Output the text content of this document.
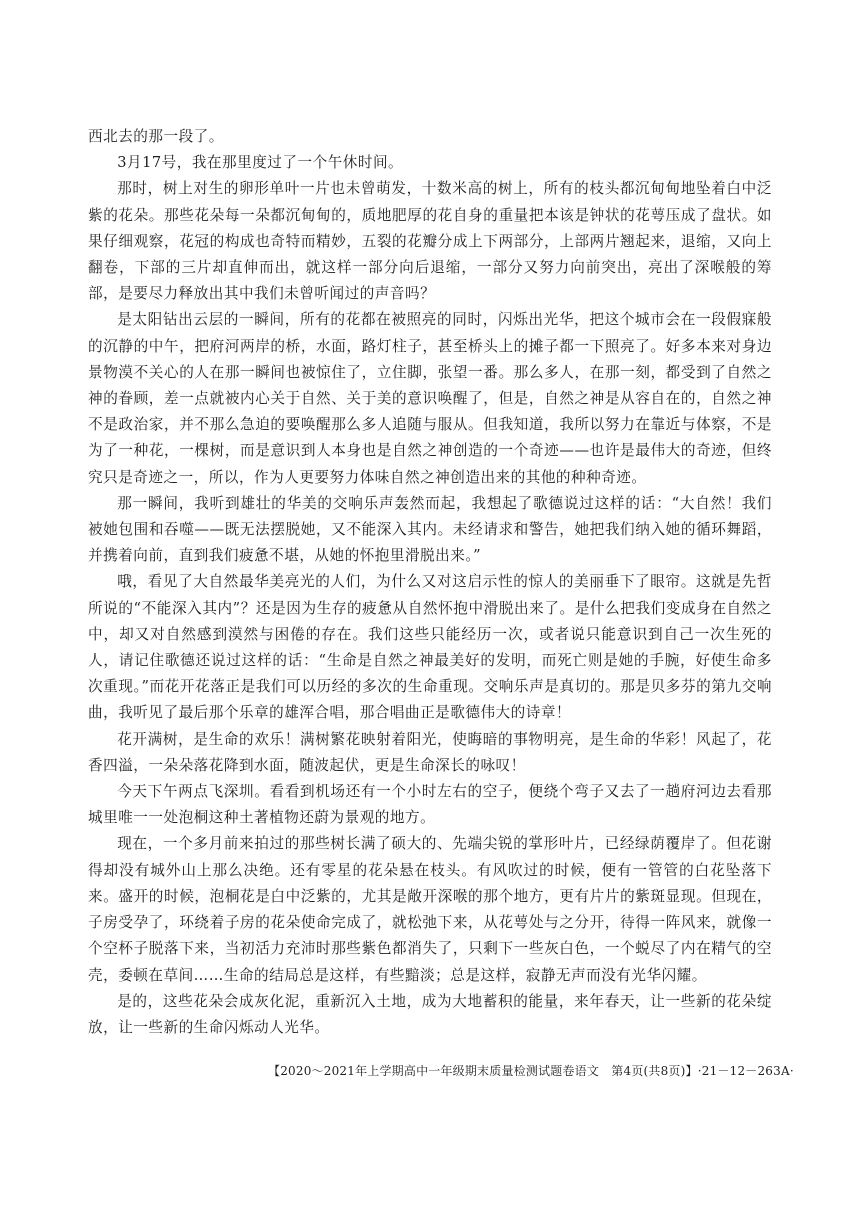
西北去的那一段了。

3月17号，我在那里度过了一个午休时间。

那时，树上对生的卵形单叶一片也未曾萌发，十数米高的树上，所有的枝头都沉甸甸地坠着白中泛紫的花朵。那些花朵每一朵都沉甸甸的，质地肥厚的花自身的重量把本该是钟状的花萼压成了盘状。如果仔细观察，花冠的构成也奇特而精妙，五裂的花瓣分成上下两部分，上部两片翘起来，退缩，又向上翻卷，下部的三片却直伸而出，就这样一部分向后退缩，一部分又努力向前突出，亮出了深喉般的筹部，是要尽力释放出其中我们未曾听闻过的声音吗？

是太阳钻出云层的一瞬间，所有的花都在被照亮的同时，闪烁出光华，把这个城市会在一段假寐般的沉静的中午，把府河两岸的桥，水面，路灯柱子，甚至桥头上的摊子都一下照亮了。好多本来对身边景物漠不关心的人在那一瞬间也被惊住了，立住脚，张望一番。那么多人，在那一刻，都受到了自然之神的眷顾，差一点就被内心关于自然、关于美的意识唤醒了，但是，自然之神是从容自在的，自然之神不是政治家，并不那么急迫的要唤醒那么多人追随与服从。但我知道，我所以努力在靠近与体察，不是为了一种花，一棵树，而是意识到人本身也是自然之神创造的一个奇迹——也许是最伟大的奇迹，但终究只是奇迹之一，所以，作为人更要努力体味自然之神创造出来的其他的种种奇迹。

那一瞬间，我听到雄壮的华美的交响乐声轰然而起，我想起了歌德说过这样的话：“大自然！我们被她包围和吞噬——既无法摆脱她，又不能深入其内。未经请求和警告，她把我们纳入她的循环舞蹈，并携着向前，直到我们疲惫不堪，从她的怀抱里滑脱出来。”

哦，看见了大自然最华美亮光的人们，为什么又对这启示性的惊人的美丽垂下了眼帘。这就是先哲所说的“不能深入其内”？还是因为生存的疲惫从自然怀抱中滑脱出来了。是什么把我们变成身在自然之中，却又对自然感到漠然与困倦的存在。我们这些只能经历一次，或者说只能意识到自己一次生死的人，请记住歌德还说过这样的话：“生命是自然之神最美好的发明，而死亡则是她的手腕，好使生命多次重现。”而花开花落正是我们可以历经的多次的生命重现。交响乐声是真切的。那是贝多芬的第九交响曲，我听见了最后那个乐章的雄浑合唱，那合唱曲正是歌德伟大的诗章！

花开满树，是生命的欢乐！满树繁花映射着阳光，使晦暗的事物明亮，是生命的华彩！风起了，花香四溢，一朵朵落花降到水面，随波起伏，更是生命深长的咏叹！

今天下午两点飞深圳。看看到机场还有一个小时左右的空子，便绕个弯子又去了一趟府河边去看那城里唯一一处泡桐这种土著植物还蔚为景观的地方。

现在，一个多月前来拍过的那些树长满了硕大的、先端尖锐的掌形叶片，已经绿荫覆岸了。但花谢得却没有城外山上那么决绝。还有零星的花朵悬在枝头。有风吹过的时候，便有一管管的白花坠落下来。盛开的时候，泡桐花是白中泛紫的，尤其是敞开深喉的那个地方，更有片片的紫斑显现。但现在，子房受孕了，环绕着子房的花朵使命完成了，就松弛下来，从花萼处与之分开，待得一阵风来，就像一个空杯子脱落下来，当初活力充沛时那些紫色都消失了，只剩下一些灰白色，一个蜕尽了内在精气的空壳，委顿在草间……生命的结局总是这样，有些黯淡；总是这样，寂静无声而没有光华闪耀。

是的，这些花朵会成灰化泥，重新沉入土地，成为大地蓄积的能量，来年春天，让一些新的花朵绽放，让一些新的生命闪烁动人光华。

【2020～2021年上学期高中一年级期末质量检测试题卷语文　第4页(共8页)】 ·21－12－263A·
